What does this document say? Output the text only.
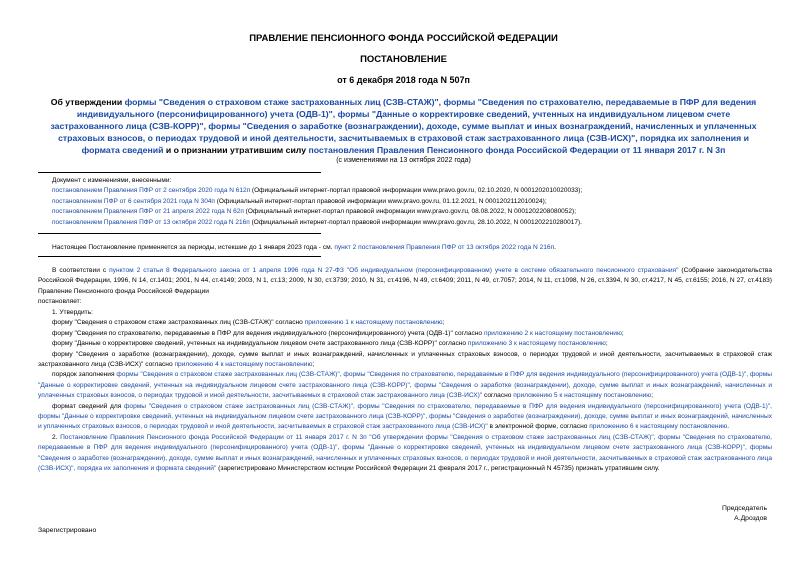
ПРАВЛЕНИЕ ПЕНСИОННОГО ФОНДА РОССИЙСКОЙ ФЕДЕРАЦИИ
ПОСТАНОВЛЕНИЕ
от 6 декабря 2018 года N 507п
Об утверждении формы "Сведения о страховом стаже застрахованных лиц (СЗВ-СТАЖ)", формы "Сведения по страхователю, передаваемые в ПФР для ведения индивидуального (персонифицированного) учета (ОДВ-1)", формы "Данные о корректировке сведений, учтенных на индивидуальном лицевом счете застрахованного лица (СЗВ-КОРР)", формы "Сведения о заработке (вознаграждении), доходе, сумме выплат и иных вознаграждений, начисленных и уплаченных страховых взносов, о периодах трудовой и иной деятельности, засчитываемых в страховой стаж застрахованного лица (СЗВ-ИСХ)", порядка их заполнения и формата сведений и о признании утратившим силу постановления Правления Пенсионного фонда Российской Федерации от 11 января 2017 г. N 3п
(с изменениями на 13 октября 2022 года)
Документ с изменениями, внесенными:
постановлением Правления ПФР от 2 сентября 2020 года N 612п (Официальный интернет-портал правовой информации www.pravo.gov.ru, 02.10.2020, N 0001202010020033);
постановлением ПФР от 6 сентября 2021 года N 304п (Официальный интернет-портал правовой информации www.pravo.gov.ru, 01.12.2021, N 0001202112010024);
постановлением Правления ПФР от 21 апреля 2022 года N 62п (Официальный интернет-портал правовой информации www.pravo.gov.ru, 08.08.2022, N 0001202208080052);
постановлением Правления ПФР от 13 октября 2022 года N 216п (Официальный интернет-портал правовой информации www.pravo.gov.ru, 28.10.2022, N 0001202210280017).
Настоящее Постановление применяется за периоды, истекшие до 1 января 2023 года - см. пункт 2 постановления Правления ПФР от 13 октября 2022 года N 216п.
В соответствии с пунктом 2 статьи 8 Федерального закона от 1 апреля 1996 года N 27-ФЗ "Об индивидуальном (персонифицированном) учете в системе обязательного пенсионного страхования" (Собрание законодательства Российской Федерации, 1996, N 14, ст.1401; 2001, N 44, ст.4149; 2003, N 1, ст.13; 2009, N 30, ст.3739; 2010, N 31, ст.4196, N 49, ст.6409; 2011, N 49, ст.7057; 2014, N 11, ст.1098, N 26, ст.3394, N 30, ст.4217, N 45, ст.6155; 2016, N 27, ст.4183) Правление Пенсионного фонда Российской Федерации
постановляет:
1. Утвердить:
форму "Сведения о страховом стаже застрахованных лиц (СЗВ-СТАЖ)" согласно приложению 1 к настоящему постановлению;
форму "Сведения по страхователю, передаваемые в ПФР для ведения индивидуального (персонифицированного) учета (ОДВ-1)" согласно приложению 2 к настоящему постановлению;
форму "Данные о корректировке сведений, учтенных на индивидуальном лицевом счете застрахованного лица (СЗВ-КОРР)" согласно приложению 3 к настоящему постановлению;
форму "Сведения о заработке (вознаграждении), доходе, сумме выплат и иных вознаграждений, начисленных и уплаченных страховых взносов, о периодах трудовой и иной деятельности, засчитываемых в страховой стаж застрахованного лица (СЗВ-ИСХ)" согласно приложению 4 к настоящему постановлению;
порядок заполнения формы "Сведения о страховом стаже застрахованных лиц (СЗВ-СТАЖ)", формы "Сведения по страхователю, передаваемые в ПФР для ведения индивидуального (персонифицированного) учета (ОДВ-1)", формы "Данные о корректировке сведений, учтенных на индивидуальном лицевом счете застрахованного лица (СЗВ-КОРР)", формы "Сведения о заработке (вознаграждении), доходе, сумме выплат и иных вознаграждений, начисленных и уплаченных страховых взносов, о периодах трудовой и иной деятельности, засчитываемых в страховой стаж застрахованного лица (СЗВ-ИСХ)" согласно приложению 5 к настоящему постановлению;
формат сведений для формы "Сведения о страховом стаже застрахованных лиц (СЗВ-СТАЖ)", формы "Сведения по страхователю, передаваемые в ПФР для ведения индивидуального (персонифицированного) учета (ОДВ-1)", формы "Данные о корректировке сведений, учтенных на индивидуальном лицевом счете застрахованного лица (СЗВ-КОРР)", формы "Сведения о заработке (вознаграждении), доходе, сумме выплат и иных вознаграждений, начисленных и уплаченных страховых взносов, о периодах трудовой и иной деятельности, засчитываемых в страховой стаж застрахованного лица (СЗВ-ИСХ)" в электронной форме, согласно приложению 6 к настоящему постановлению.
2. Постановление Правления Пенсионного фонда Российской Федерации от 11 января 2017 г. N 3п "Об утверждении формы "Сведения о страховом стаже застрахованных лиц (СЗВ-СТАЖ)", формы "Сведения по страхователю, передаваемые в ПФР для ведения индивидуального (персонифицированного) учета (ОДВ-1)", формы "Данные о корректировке сведений, учтенных на индивидуальном лицевом счете застрахованного лица (СЗВ-КОРР)", формы "Сведения о заработке (вознаграждении), доходе, сумме выплат и иных вознаграждений, начисленных и уплаченных страховых взносов, о периодах трудовой и иной деятельности, засчитываемых в страховой стаж застрахованного лица (СЗВ-ИСХ)", порядка их заполнения и формата сведений" (зарегистрировано Министерством юстиции Российской Федерации 21 февраля 2017 г., регистрационный N 45735) признать утратившим силу.
Председатель
А.Дроздов
Зарегистрировано
